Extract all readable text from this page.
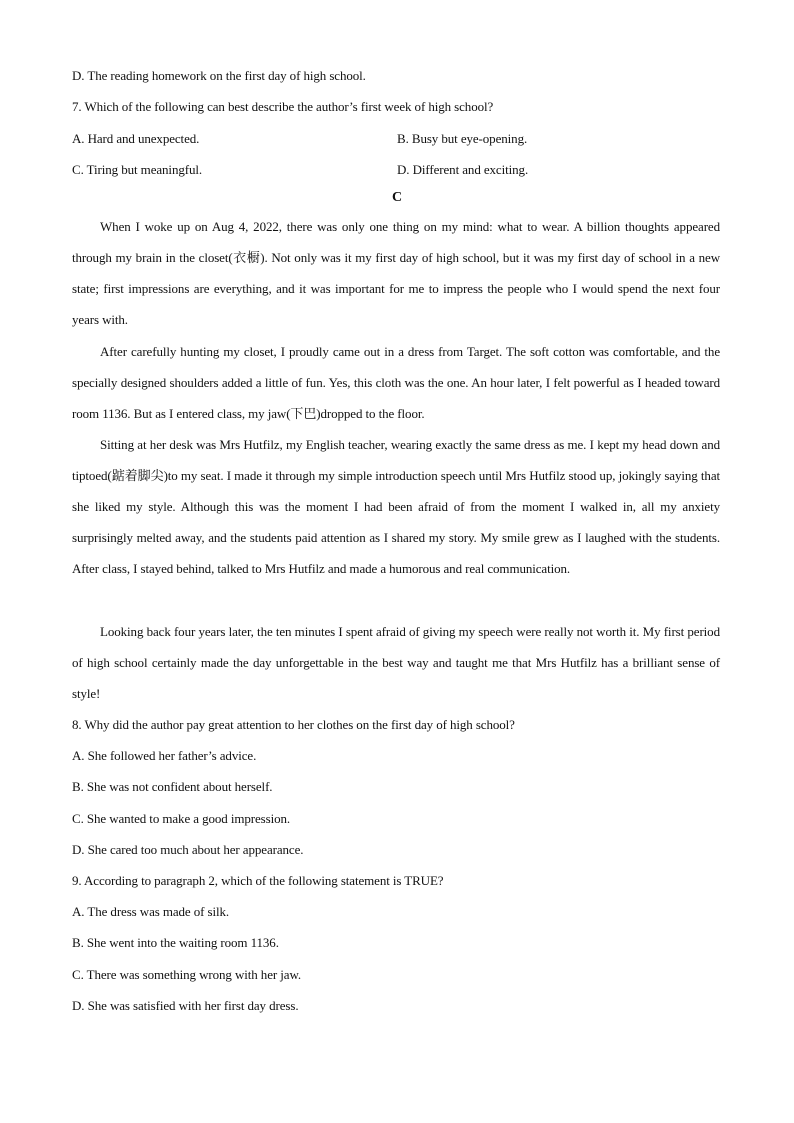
D. The reading homework on the first day of high school.
7. Which of the following can best describe the author’s first week of high school?
A. Hard and unexpected.	B. Busy but eye-opening.
C. Tiring but meaningful.	D. Different and exciting.
C

When I woke up on Aug 4, 2022, there was only one thing on my mind: what to wear. A billion thoughts appeared through my brain in the closet(衣橱). Not only was it my first day of high school, but it was my first day of school in a new state; first impressions are everything, and it was important for me to impress the people who I would spend the next four years with.

After carefully hunting my closet, I proudly came out in a dress from Target. The soft cotton was comfortable, and the specially designed shoulders added a little of fun. Yes, this cloth was the one. An hour later, I felt powerful as I headed toward room 1136. But as I entered class, my jaw(下巴)dropped to the floor.

Sitting at her desk was Mrs Hutfilz, my English teacher, wearing exactly the same dress as me. I kept my head down and tiptoed(踮着脚尖)to my seat. I made it through my simple introduction speech until Mrs Hutfilz stood up, jokingly saying that she liked my style. Although this was the moment I had been afraid of from the moment I walked in, all my anxiety surprisingly melted away, and the students paid attention as I shared my story. My smile grew as I laughed with the students. After class, I stayed behind, talked to Mrs Hutfilz and made a humorous and real communication.

Looking back four years later, the ten minutes I spent afraid of giving my speech were really not worth it. My first period of high school certainly made the day unforgettable in the best way and taught me that Mrs Hutfilz has a brilliant sense of style!

8. Why did the author pay great attention to her clothes on the first day of high school?
A. She followed her father’s advice.
B. She was not confident about herself.
C. She wanted to make a good impression.
D. She cared too much about her appearance.
9. According to paragraph 2, which of the following statement is TRUE?
A. The dress was made of silk.
B. She went into the waiting room 1136.
C. There was something wrong with her jaw.
D. She was satisfied with her first day dress.
